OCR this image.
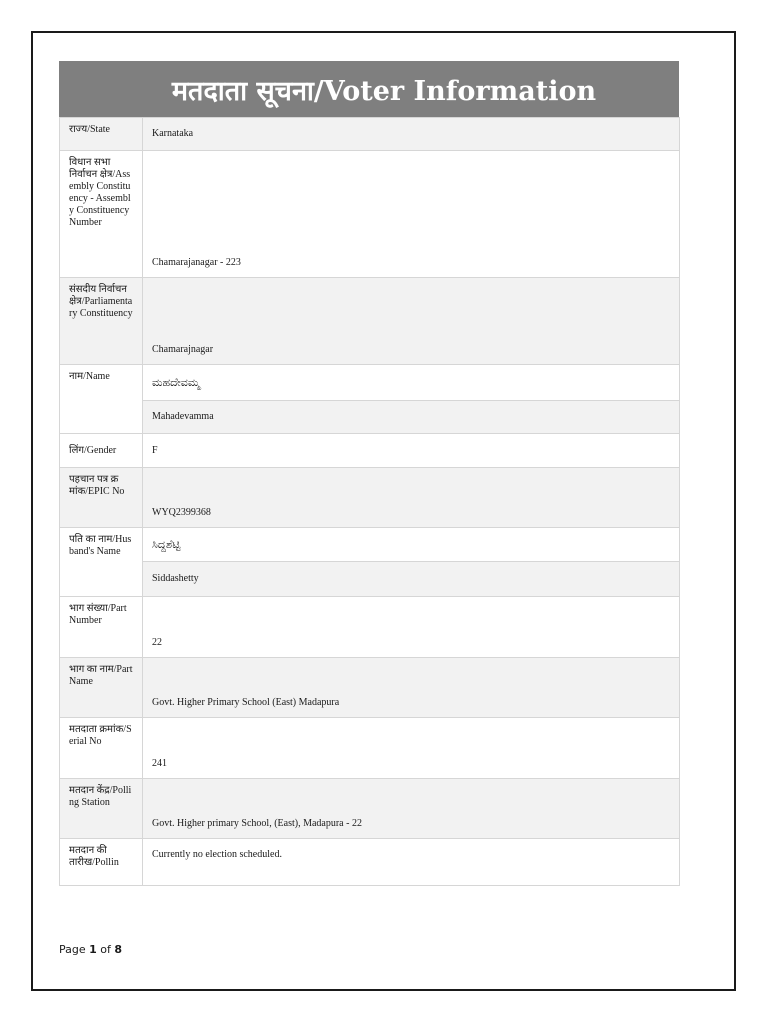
मतदाता सूचना/Voter Information
राज्य/State	Karnataka
विधान सभा निर्वाचन क्षेत्र/Assembly Constituency - Assembly Constituency Number	Chamarajanagar - 223
संसदीय निर्वाचन क्षेत्र/Parliamentary Constituency	Chamarajnagar
नाम/Name	ಮಹದೇವಮ್ಮ
	Mahadevamma
लिंग/Gender	F
पहचान पत्र क्रमांक/EPIC No	WYQ2399368
पति का नाम/Husband's Name	ಸಿದ್ದಶೆಟ್ಟಿ
	Siddashetty
भाग संख्या/Part Number	22
भाग का नाम/Part Name	Govt. Higher Primary School (East) Madapura
मतदाता क्रमांक/Serial No	241
मतदान केंद्र/Polling Station	Govt. Higher primary School, (East), Madapura - 22
मतदान की तारीख/Pollin	Currently no election scheduled.
Page 1 of 8
